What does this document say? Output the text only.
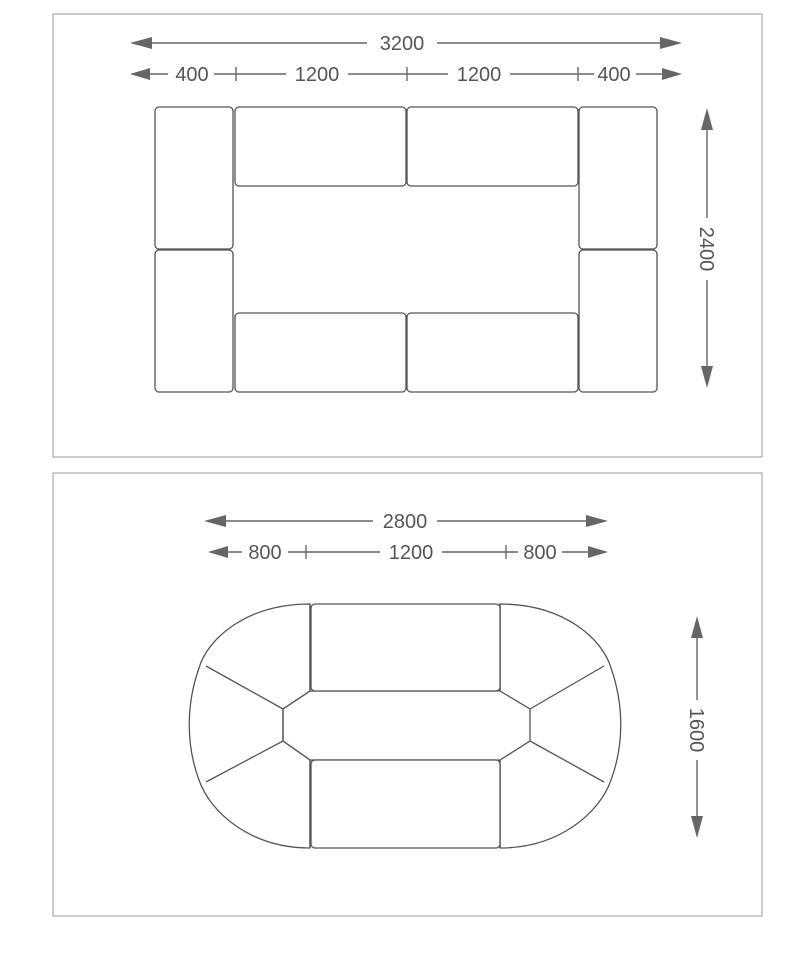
3200
400	1200	1200	400
2400
2800
800	1200	800
1600
